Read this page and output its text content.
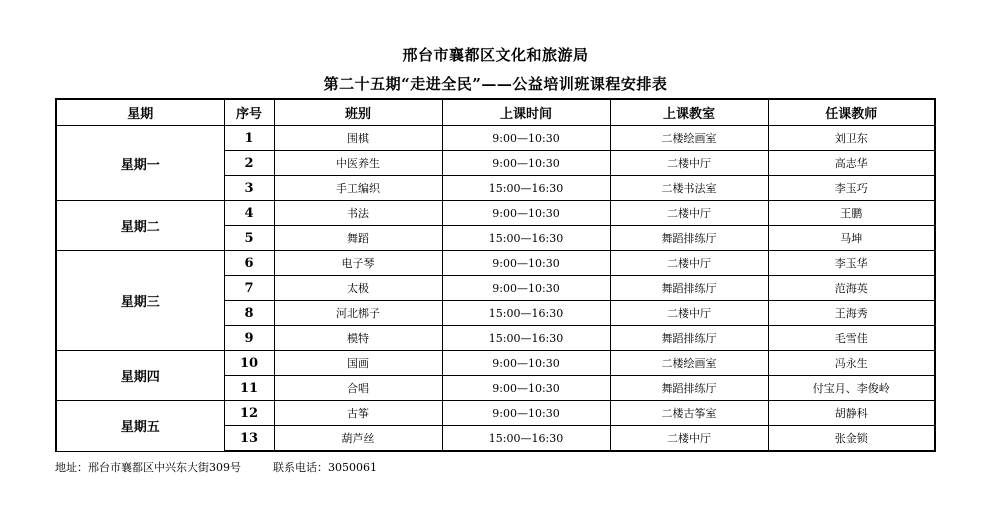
邢台市襄都区文化和旅游局
第二十五期“走进全民”——公益培训班课程安排表
星期	序号	班别	上课时间	上课教室	任课教师
星期一	1	围棋	9:00—10:30	二楼绘画室	刘卫东
	2	中医养生	9:00—10:30	二楼中厅	高志华
	3	手工编织	15:00—16:30	二楼书法室	李玉巧
星期二	4	书法	9:00—10:30	二楼中厅	王鹏
	5	舞蹈	15:00—16:30	舞蹈排练厅	马坤
星期三	6	电子琴	9:00—10:30	二楼中厅	李玉华
	7	太极	9:00—10:30	舞蹈排练厅	范海英
	8	河北梆子	15:00—16:30	二楼中厅	王海秀
	9	模特	15:00—16:30	舞蹈排练厅	毛雪佳
星期四	10	国画	9:00—10:30	二楼绘画室	冯永生
	11	合唱	9:00—10:30	舞蹈排练厅	付宝月、李俊岭
星期五	12	古筝	9:00—10:30	二楼古筝室	胡静科
	13	葫芦丝	15:00—16:30	二楼中厅	张金锁
地址：邢台市襄都区中兴东大街309号	联系电话：3050061
